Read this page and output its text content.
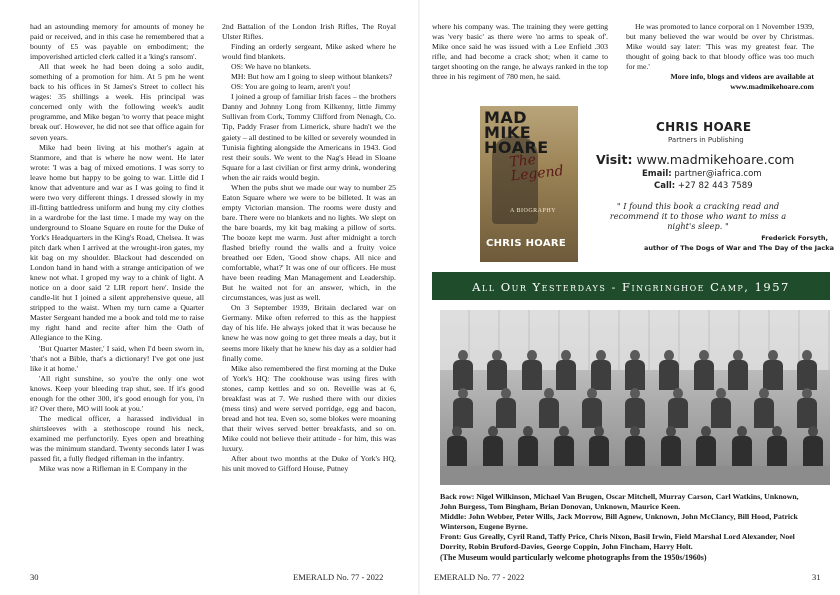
had an astounding memory for amounts of money he paid or received, and in this case he remembered that a bounty of £5 was payable on embodiment; the impoverished articled clerk called it a 'king's ransom'.

All that week he had been doing a solo audit, something of a promotion for him. At 5 pm he went back to his offices in St James's Street to collect his wages: 35 shillings a week. His principal was concerned only with the following week's audit programme, and Mike began 'to worry that peace might break out'. However, he did not see that office again for seven years.

Mike had been living at his mother's again at Stanmore, and that is where he now went. He later wrote: 'I was a bag of mixed emotions. I was sorry to leave home but happy to be going to war. Little did I know that adventure and war as I was going to find it were two very different things. I dressed slowly in my ill-fitting battledress uniform and hung my city clothes in a wardrobe for the last time. I made my way on the underground to Sloane Square en route for the Duke of York's Headquarters in the King's Road, Chelsea. It was pitch dark when I arrived at the wrought-iron gates, my kit bag on my shoulder. Blackout had descended on London hand in hand with a strange anticipation of we knew not what. I groped my way to a chink of light. A notice on a door said '2 LIR report here'. Inside the candle-lit hut I joined a silent apprehensive queue, all stripped to the waist. When my turn came a Quarter Master Sergeant handed me a book and told me to raise my right hand and recite after him the Oath of Allegiance to the King.

'But Quarter Master,' I said, when I'd been sworn in, 'that's not a Bible, that's a dictionary! I've got one just like it at home.'

'All right sunshine, so you're the only one wot knows. Keep your bleeding trap shut, see. If it's good enough for the other 300, it's good enough for you, i'n it? Over there, MO will look at you.'

The medical officer, a harassed individual in shirtsleeves with a stethoscope round his neck, examined me perfunctorily. Eyes open and breathing was the minimum standard. Twenty seconds later I was passed fit, a fully fledged rifleman in the infantry.

Mike was now a Rifleman in E Company in the

2nd Battalion of the London Irish Rifles, The Royal Ulster Rifles.

Finding an orderly sergeant, Mike asked where he would find blankets.

OS: We have no blankets.

MH: But how am I going to sleep without blankets?

OS: You are going to learn, aren't you!

I joined a group of familiar Irish faces – the brothers Danny and Johnny Long from Kilkenny, little Jimmy Sullivan from Cork, Tommy Clifford from Nenagh, Co. Tip, Paddy Fraser from Limerick, shure hadn't we the gaiety – all destined to be killed or severely wounded in Tunisia fighting alongside the Americans in 1943. God rest their souls. We went to the Nag's Head in Sloane Square for a last civilian or first army drink, wondering when the air raids would begin.

When the pubs shut we made our way to number 25 Eaton Square where we were to be billeted. It was an empty Victorian mansion. The rooms were dusty and bare. There were no blankets and no lights. We slept on the bare boards, my kit bag making a pillow of sorts. The booze kept me warm. Just after midnight a torch flashed briefly round the walls and a fruity voice breathed oer Eden, 'Good show chaps. All nice and comfortable, what?' It was one of our officers. He must have been reading Man Management and Leadership. But he waited not for an answer, which, in the circumstances, was just as well.

On 3 September 1939, Britain declared war on Germany. Mike often referred to this as the happiest day of his life. He always joked that it was because he knew he was now going to get three meals a day, but it seems more likely that he knew his day as a soldier had finally come.

Mike also remembered the first morning at the Duke of York's HQ: The cookhouse was using fires with stones, camp kettles and so on. Reveille was at 6, breakfast was at 7. We rushed there with our dixies (mess tins) and were served porridge, egg and bacon, bread and hot tea. Even so, some blokes were moaning that their wives served better breakfasts, and so on. Mike could not believe their attitude - for him, this was luxury.

After about two months at the Duke of York's HQ, his unit moved to Gifford House, Putney

30	EMERALD No. 77 - 2022

where his company was. The training they were getting was 'very basic' as there were 'no arms to speak of'. Mike once said he was issued with a Lee Enfield .303 rifle, and had become a crack shot; when it came to target shooting on the range, he always ranked in the top three in his regiment of 780 men, he said.

He was promoted to lance corporal on 1 November 1939, but many believed the war would be over by Christmas. Mike would say later: 'This was my greatest fear. The thought of going back to that bloody office was too much for me.'

More info, blogs and videos are available at www.madmikehoare.com

MAD MIKE HOARE
The Legend
A BIOGRAPHY
CHRIS HOARE
CHRIS HOARE
Partners in Publishing
Visit: www.madmikehoare.com
Email: partner@iafrica.com
Call: +27 82 443 7589
" I found this book a cracking read and recommend it to those who want to miss a night's sleep. "
Frederick Forsyth,
author of The Dogs of War and The Day of the Jacka
All Our Yesterdays - Fingringhoe Camp, 1957

Back row: Nigel Wilkinson, Michael Van Brugen, Oscar Mitchell, Murray Carson, Carl Watkins, Unknown, John Burgess, Tom Bingham, Brian Donovan, Unknown, Maurice Keen.

Middle: John Webber, Peter Wills, Jack Morrow, Bill Agnew, Unknown, John McClancy, Bill Hood, Patrick Winterson, Eugene Byrne.

Front: Gus Greally, Cyril Rand, Taffy Price, Chris Nixon, Basil Irwin, Field Marshal Lord Alexander, Noel Dorrity, Robin Bruford-Davies, George Coppin, John Fincham, Harry Holt.

(The Museum would particularly welcome photographs from the 1950s/1960s)

EMERALD No. 77 - 2022	31
